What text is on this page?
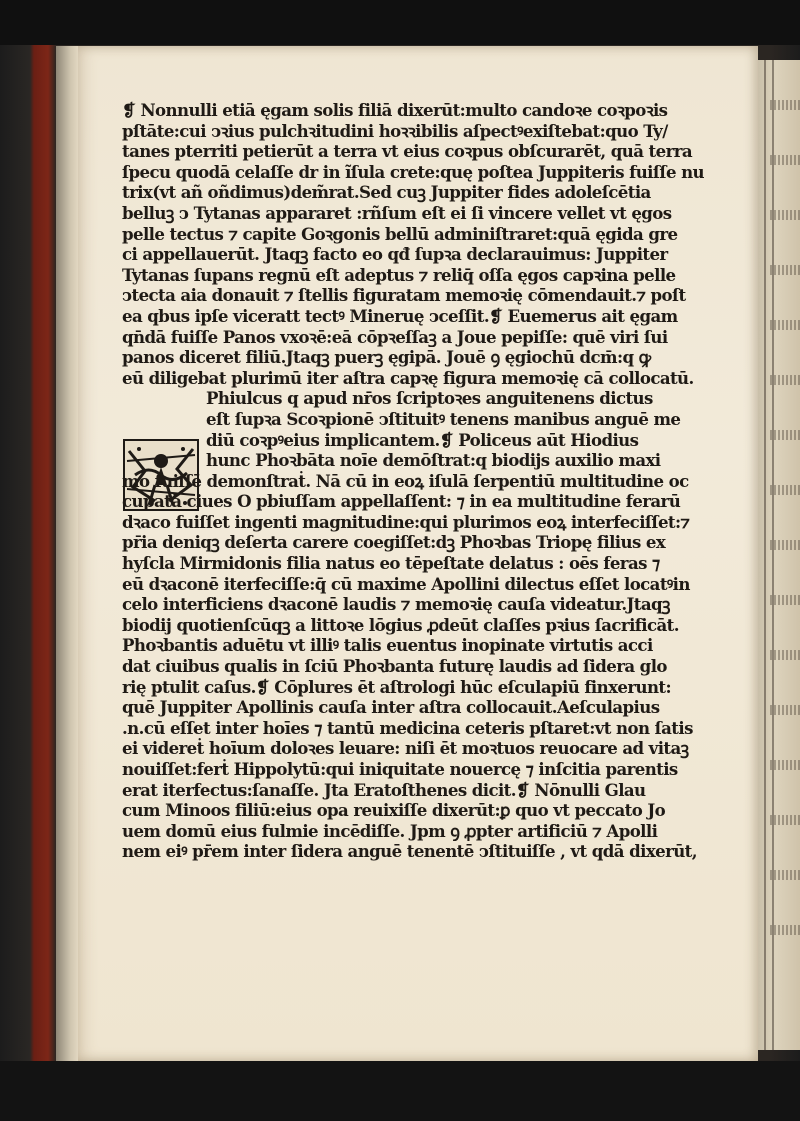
❡ Nonnulli etiā ęgam solis filiā dixerūt:multo candoꝛe coꝛpoꝛis
pſtāte:cui ↄꝛius pulchꝛitudini hoꝛꝛibilis aſpectꝰexiſtebat:quo Ty/
tanes pterriti petierūt a terra vt eius coꝛpus obſcurarēt, quā terra
ſpecu quodā celaſſe dr in ĩſula crete:quę poſtea Juppiteris fuiſſe nu
trix(vt añ oñdimus)dem̃rat.Sed cuꝫ Juppiter fides adoleſcētia
belluꝫ ↄ Tytanas appararet :rñſum eſt ei ſi vincere vellet vt ęgos
pelle tectus ⁊ capite Goꝛgonis bellū adminiſtraret:quā ęgida gre
ci appellauerūt. Jtaqꝫ facto eo qđ ſupꝛa declarauimus: Juppiter
Tytanas ſupans regnū eſt adeptus ⁊ reliq̄ oſſa ęgos capꝛina pelle
ↄtecta aia donauit ⁊ ſtellis figuratam memoꝛię cōmendauit.⁊ poſt
ea qbus ipſe viceratt tectꝰ Mineruę ↄceſſit.❡ Euemerus ait ęgam
qn̄dā fuiſſe Panos vxoꝛē:eā cōpꝛeſſaꝫ a Joue pepiſſe: quē viri ſui
panos diceret filiū.Jtaqꝫ puerꝫ ęgipā. Jouē ꝯ ęgiochū dcm̄:q ꝙ
eū diligebat plurimū iter aſtra capꝛę figura memoꝛię cā collocatū.
Phiulcus q apud nr̄os ſcriptoꝛes anguitenens dictus
eſt ſupꝛa Scoꝛpionē ↄſtituitꝰ tenens manibus anguē me
diū coꝛpꝰeius implicantem.❡ Policeus aūt Hiodius
hunc Phoꝛbāta noīe demōſtrat:q biodijs auxilio maxi
mo fuiſſē demonſtraṫ. Nā cū in eoꝝ iſulā ſerpentiū multitudine oc
cupatā ciues O pbiuſſam appellaſſent: ⁊ in ea multitudine ferarū
dꝛaco fuiſſet ingenti magnitudine:qui plurimos eoꝝ interfeciſſet:⁊
pr̄ia deniqꝫ deſerta carere coegiſſet:dꝫ Phoꝛbas Triopę filius ex
hyſcla Mirmidonis filia natus eo tēpeſtate delatus : oēs feras ⁊
eū dꝛaconē iterfeciſſe:q̄ cū maxime Apollini dilectus eſſet locatꝰin
celo interficiens dꝛaconē laudis ⁊ memoꝛię cauſa videatur.Jtaqꝫ
biodij quotienſcūqꝫ a littoꝛe lōgius ꝓdeūt claſſes pꝛius ſacrificāt.
Phoꝛbantis aduētu vt illiꝰ talis euentus inopinate virtutis acci
dat ciuibus qualis in ſciū Phoꝛbanta futurę laudis ad ſidera glo
rię ptulit caſus.❡ Cōplures ēt aſtrologi hūc eſculapiū finxerunt:
quē Juppiter Apollinis cauſa inter aſtra collocauit.Aeſculapius
.n.cū eſſet inter hoīes ⁊ tantū medicina ceteris pſtaret:vt non ſatis
ei videreṫ hoīum doloꝛes leuare: niſi ēt moꝛtuos reuocare ad vitaꝫ
nouiſſet:ferṫ Hippolytū:qui iniquitate nouercę ⁊ inſcitia parentis
erat iterfectus:ſanaſſe. Jta Eratoſthenes dicit.❡ Nōnulli Glau
cum Minoos filiū:eius opa reuixiſſe dixerūt:ꝑ quo vt peccato Jo
uem domū eius fulmie incēdiſſe. Jpm ꝯ ꝓpter artificiū ⁊ Apolli
nem eiꝰ pr̄em inter ſidera anguē tenentē ↄſtituiſſe , vt qdā dixerūt,
